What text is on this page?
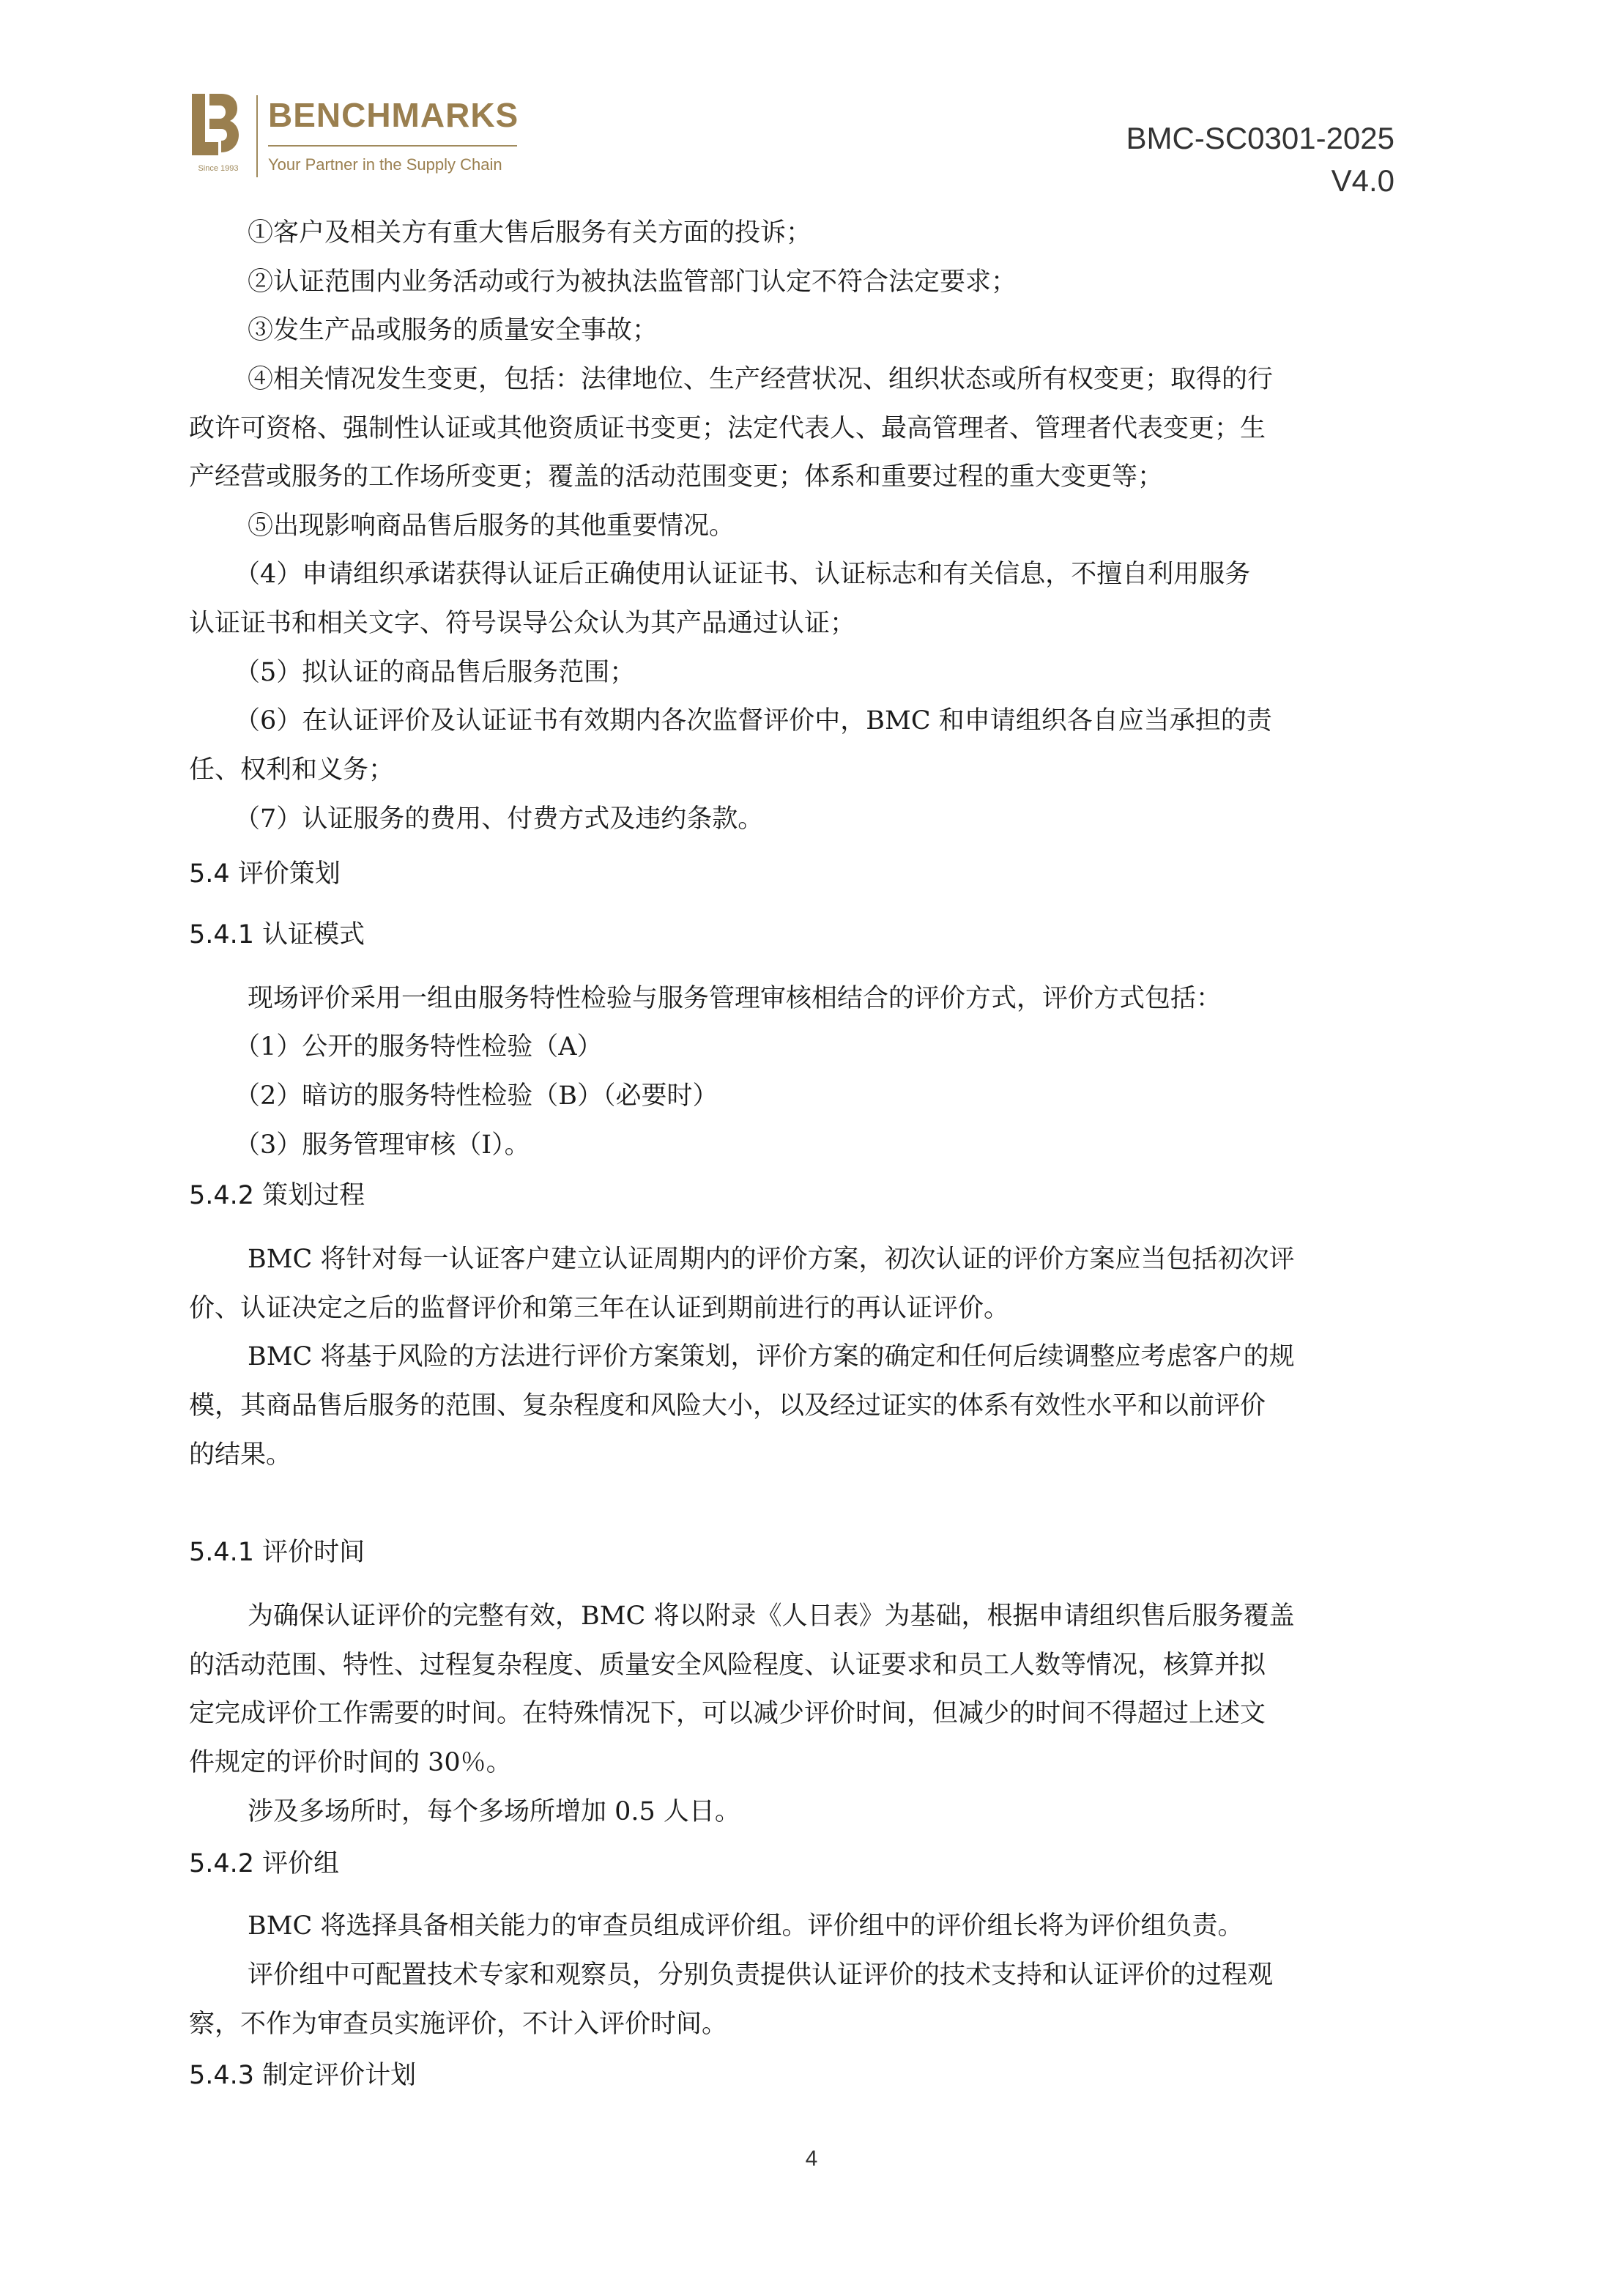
Since 1993
BENCHMARKS
Your Partner in the Supply Chain
BMC-SC0301-2025
V4.0
①客户及相关方有重大售后服务有关方面的投诉；
②认证范围内业务活动或行为被执法监管部门认定不符合法定要求；
③发生产品或服务的质量安全事故；
④相关情况发生变更，包括：法律地位、生产经营状况、组织状态或所有权变更；取得的行
政许可资格、强制性认证或其他资质证书变更；法定代表人、最高管理者、管理者代表变更；生
产经营或服务的工作场所变更；覆盖的活动范围变更；体系和重要过程的重大变更等；
⑤出现影响商品售后服务的其他重要情况。
（4）申请组织承诺获得认证后正确使用认证证书、认证标志和有关信息，不擅自利用服务
认证证书和相关文字、符号误导公众认为其产品通过认证；
（5）拟认证的商品售后服务范围；
（6）在认证评价及认证证书有效期内各次监督评价中，BMC 和申请组织各自应当承担的责
任、权利和义务；
（7）认证服务的费用、付费方式及违约条款。
5.4 评价策划
5.4.1 认证模式
现场评价采用一组由服务特性检验与服务管理审核相结合的评价方式，评价方式包括：
（1）公开的服务特性检验（A）
（2）暗访的服务特性检验（B）（必要时）
（3）服务管理审核（I）。
5.4.2 策划过程
BMC 将针对每一认证客户建立认证周期内的评价方案，初次认证的评价方案应当包括初次评
价、认证决定之后的监督评价和第三年在认证到期前进行的再认证评价。
BMC 将基于风险的方法进行评价方案策划，评价方案的确定和任何后续调整应考虑客户的规
模，其商品售后服务的范围、复杂程度和风险大小，以及经过证实的体系有效性水平和以前评价
的结果。
5.4.1 评价时间
为确保认证评价的完整有效，BMC 将以附录《人日表》为基础，根据申请组织售后服务覆盖
的活动范围、特性、过程复杂程度、质量安全风险程度、认证要求和员工人数等情况，核算并拟
定完成评价工作需要的时间。在特殊情况下，可以减少评价时间，但减少的时间不得超过上述文
件规定的评价时间的 30％。
涉及多场所时，每个多场所增加 0.5 人日。
5.4.2 评价组
BMC 将选择具备相关能力的审查员组成评价组。评价组中的评价组长将为评价组负责。
评价组中可配置技术专家和观察员，分别负责提供认证评价的技术支持和认证评价的过程观
察，不作为审查员实施评价，不计入评价时间。
5.4.3 制定评价计划
4
